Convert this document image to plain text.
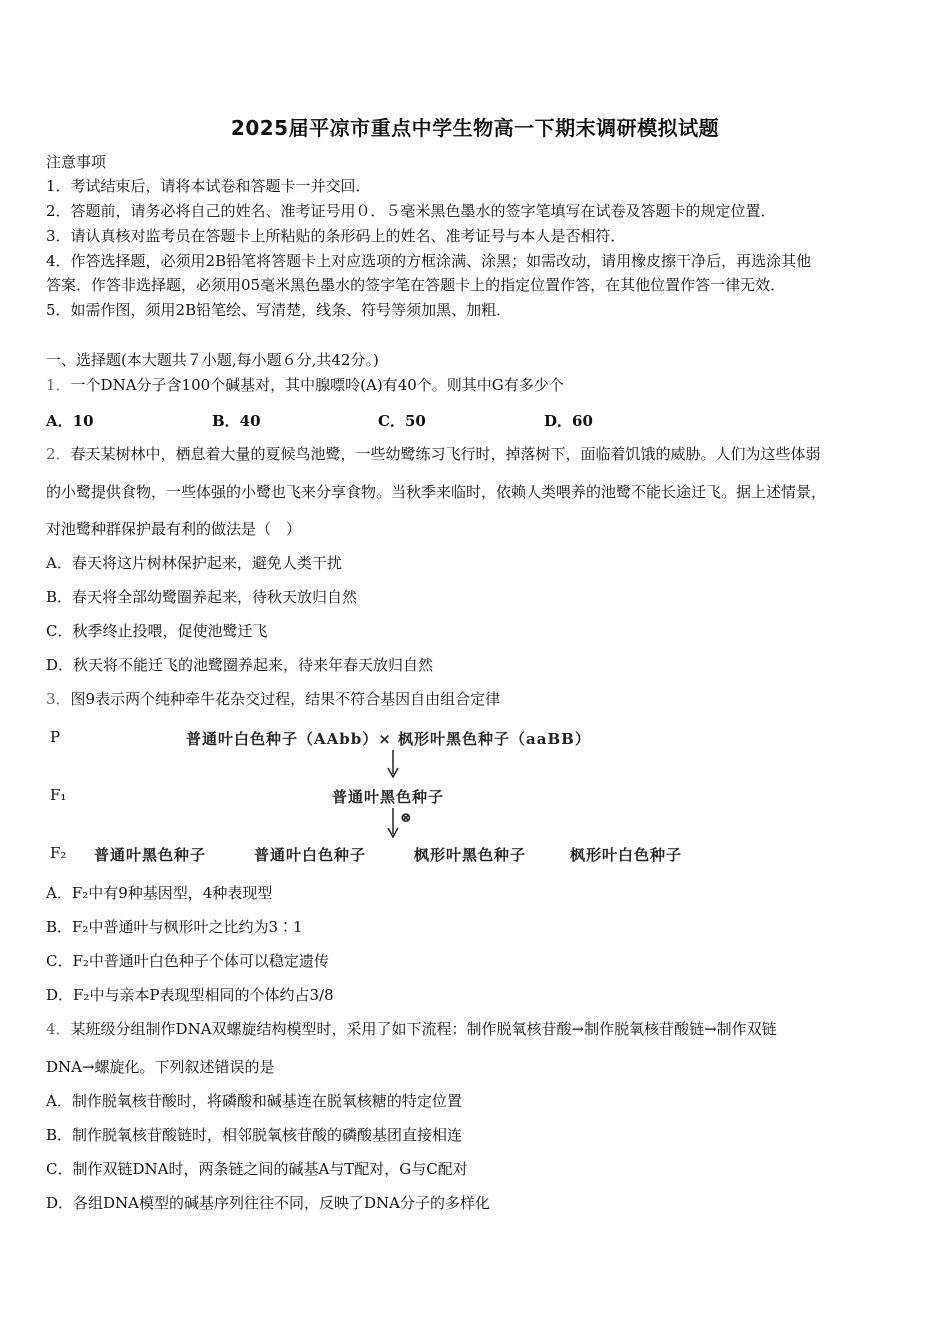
2025届平凉市重点中学生物高一下期末调研模拟试题
注意事项
1．考试结束后，请将本试卷和答题卡一并交回．
2．答题前，请务必将自己的姓名、准考证号用０．５毫米黑色墨水的签字笔填写在试卷及答题卡的规定位置．
3．请认真核对监考员在答题卡上所粘贴的条形码上的姓名、准考证号与本人是否相符．
4．作答选择题，必须用2B铅笔将答题卡上对应选项的方框涂满、涂黑；如需改动，请用橡皮擦干净后，再选涂其他
答案．作答非选择题，必须用05毫米黑色墨水的签字笔在答题卡上的指定位置作答，在其他位置作答一律无效．
5．如需作图，须用2B铅笔绘、写清楚，线条、符号等须加黑、加粗．
一、选择题(本大题共７小题,每小题６分,共42分。)
1．一个DNA分子含100个碱基对，其中腺嘌呤(A)有40个。则其中G有多少个
A．10	B．40	C．50	D．60
2．春天某树林中，栖息着大量的夏候鸟池鹭，一些幼鹭练习飞行时，掉落树下，面临着饥饿的威胁。人们为这些体弱
的小鹭提供食物，一些体强的小鹭也飞来分享食物。当秋季来临时，依赖人类喂养的池鹭不能长途迁飞。据上述情景，
对池鹭种群保护最有利的做法是（　）
A．春天将这片树林保护起来，避免人类干扰
B．春天将全部幼鹭圈养起来，待秋天放归自然
C．秋季终止投喂，促使池鹭迁飞
D．秋天将不能迁飞的池鹭圈养起来，待来年春天放归自然
3．图9表示两个纯种牵牛花杂交过程，结果不符合基因自由组合定律
P	普通叶白色种子（AAbb）× 枫形叶黑色种子（aaBB）
F₁	普通叶黑色种子
⊗
F₂ 普通叶黑色种子	普通叶白色种子	枫形叶黑色种子	枫形叶白色种子
A．F₂中有9种基因型，4种表现型
B．F₂中普通叶与枫形叶之比约为3∶1
C．F₂中普通叶白色种子个体可以稳定遗传
D．F₂中与亲本P表现型相同的个体约占3/8
4．某班级分组制作DNA双螺旋结构模型时，采用了如下流程：制作脱氧核苷酸→制作脱氧核苷酸链→制作双链
DNA→螺旋化。下列叙述错误的是
A．制作脱氧核苷酸时，将磷酸和碱基连在脱氧核糖的特定位置
B．制作脱氧核苷酸链时，相邻脱氧核苷酸的磷酸基团直接相连
C．制作双链DNA时，两条链之间的碱基A与T配对，G与C配对
D．各组DNA模型的碱基序列往往不同，反映了DNA分子的多样化
